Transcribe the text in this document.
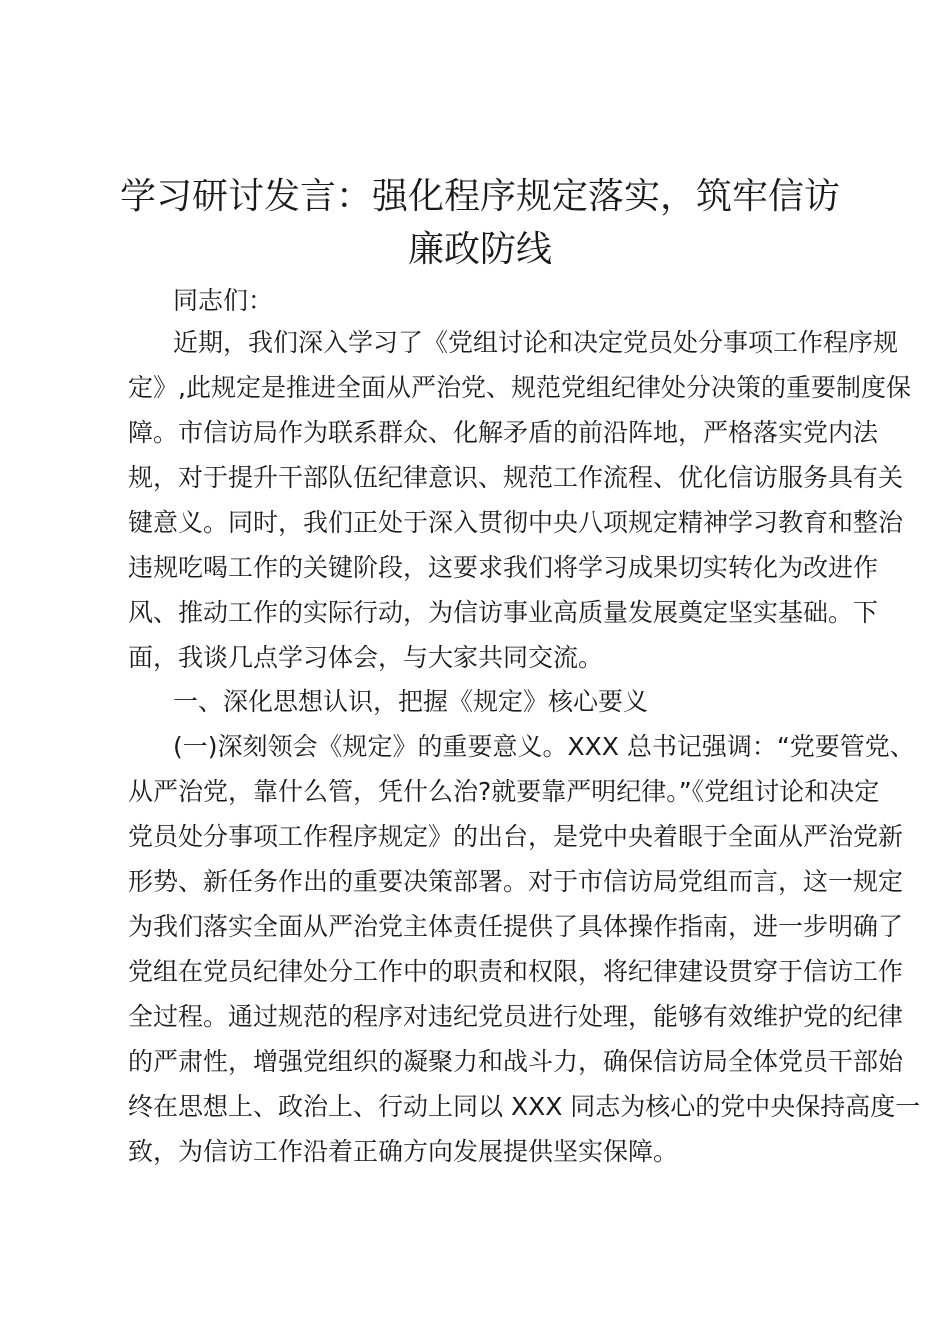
学习研讨发言：强化程序规定落实，筑牢信访
廉政防线
同志们：
近期，我们深入学习了《党组讨论和决定党员处分事项工作程序规
定》,此规定是推进全面从严治党、规范党组纪律处分决策的重要制度保
障。市信访局作为联系群众、化解矛盾的前沿阵地，严格落实党内法
规，对于提升干部队伍纪律意识、规范工作流程、优化信访服务具有关
键意义。同时，我们正处于深入贯彻中央八项规定精神学习教育和整治
违规吃喝工作的关键阶段，这要求我们将学习成果切实转化为改进作
风、推动工作的实际行动，为信访事业高质量发展奠定坚实基础。下
面，我谈几点学习体会，与大家共同交流。
一、深化思想认识，把握《规定》核心要义
(一)深刻领会《规定》的重要意义。XXX 总书记强调：“党要管党、
从严治党，靠什么管，凭什么治?就要靠严明纪律。”《党组讨论和决定
党员处分事项工作程序规定》的出台，是党中央着眼于全面从严治党新
形势、新任务作出的重要决策部署。对于市信访局党组而言，这一规定
为我们落实全面从严治党主体责任提供了具体操作指南，进一步明确了
党组在党员纪律处分工作中的职责和权限，将纪律建设贯穿于信访工作
全过程。通过规范的程序对违纪党员进行处理，能够有效维护党的纪律
的严肃性，增强党组织的凝聚力和战斗力，确保信访局全体党员干部始
终在思想上、政治上、行动上同以 XXX 同志为核心的党中央保持高度一
致，为信访工作沿着正确方向发展提供坚实保障。
